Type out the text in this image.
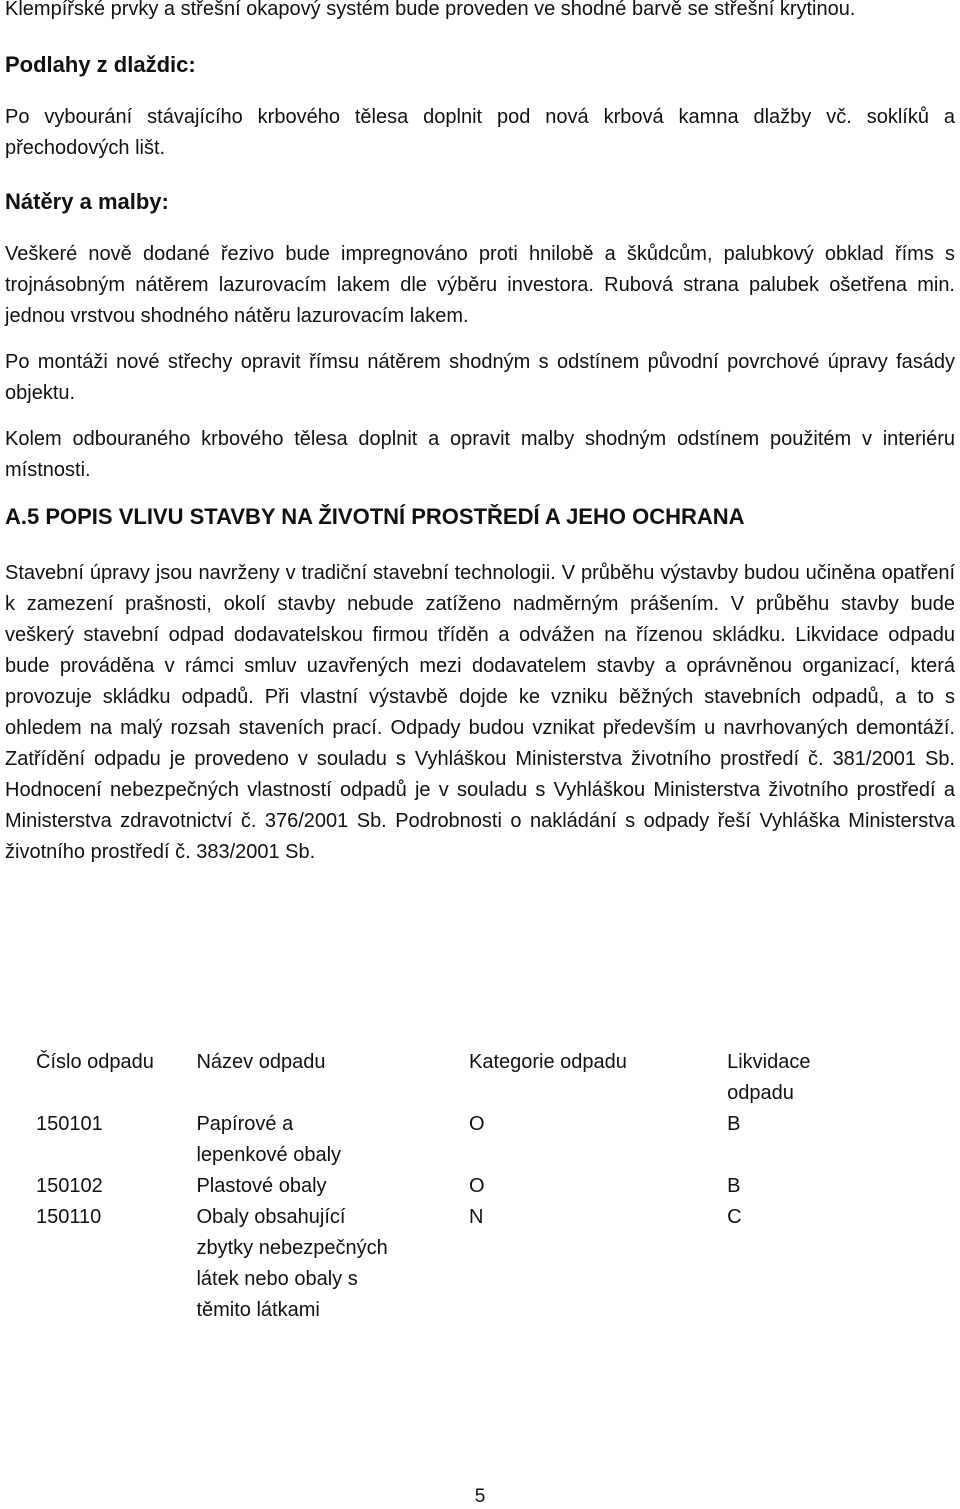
Klempířské prvky a střešní okapový systém bude proveden ve shodné barvě se střešní krytinou.

Podlahy z dlaždic:

Po vybourání stávajícího krbového tělesa doplnit pod nová krbová kamna dlažby vč. soklíků a přechodových lišt.

Nátěry a malby:

Veškeré nově dodané řezivo bude impregnováno proti hnilobě a škůdcům, palubkový obklad říms s trojnásobným nátěrem lazurovacím lakem dle výběru investora. Rubová strana palubek ošetřena min. jednou vrstvou shodného nátěru lazurovacím lakem.

Po montáži nové střechy opravit římsu nátěrem shodným s odstínem původní povrchové úpravy fasády objektu.

Kolem odbouraného krbového tělesa doplnit a opravit malby shodným odstínem použitém v interiéru místnosti.

A.5 POPIS VLIVU STAVBY NA ŽIVOTNÍ PROSTŘEDÍ A JEHO OCHRANA

Stavební úpravy jsou navrženy v tradiční stavební technologii. V průběhu výstavby budou učiněna opatření k zamezení prašnosti, okolí stavby nebude zatíženo nadměrným prášením. V průběhu stavby bude veškerý stavební odpad dodavatelskou firmou tříděn a odvážen na řízenou skládku. Likvidace odpadu bude prováděna v rámci smluv uzavřených mezi dodavatelem stavby a oprávněnou organizací, která provozuje skládku odpadů. Při vlastní výstavbě dojde ke vzniku běžných stavebních odpadů, a to s ohledem na malý rozsah staveních prací. Odpady budou vznikat především u navrhovaných demontáží. Zatřídění odpadu je provedeno v souladu s Vyhláškou Ministerstva životního prostředí č. 381/2001 Sb. Hodnocení nebezpečných vlastností odpadů je v souladu s Vyhláškou Ministerstva životního prostředí a Ministerstva zdravotnictví č. 376/2001 Sb. Podrobnosti o nakládání s odpady řeší Vyhláška Ministerstva životního prostředí č. 383/2001 Sb.

Číslo odpadu	Název odpadu	Kategorie odpadu	Likvidace odpadu
150101	Papírové a lepenkové obaly	O	B
150102	Plastové obaly	O	B
150110	Obaly obsahující zbytky nebezpečných látek nebo obaly s těmito látkami	N	C
5
